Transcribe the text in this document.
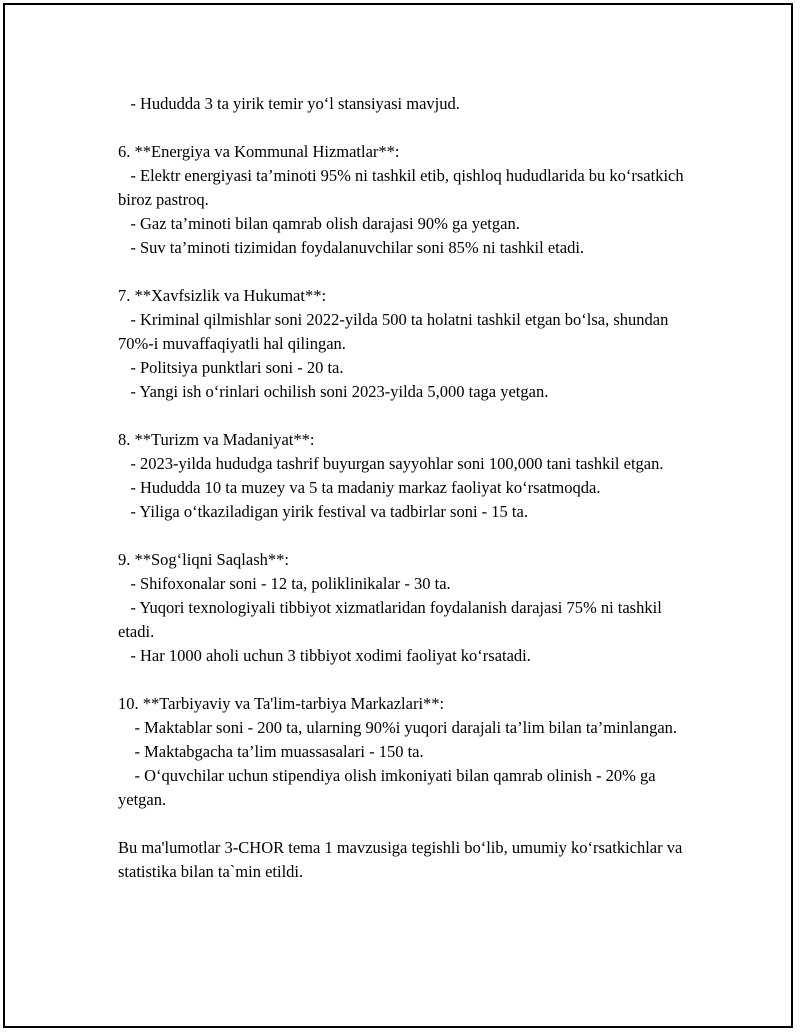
- Hududda 3 ta yirik temir yo‘l stansiyasi mavjud.

6. **Energiya va Kommunal Hizmatlar**:

- Elektr energiyasi ta’minoti 95% ni tashkil etib, qishloq hududlarida bu ko‘rsatkich biroz pastroq.

- Gaz ta’minoti bilan qamrab olish darajasi 90% ga yetgan.

- Suv ta’minoti tizimidan foydalanuvchilar soni 85% ni tashkil etadi.

7. **Xavfsizlik va Hukumat**:

- Kriminal qilmishlar soni 2022-yilda 500 ta holatni tashkil etgan bo‘lsa, shundan 70%-i muvaffaqiyatli hal qilingan.

- Politsiya punktlari soni - 20 ta.

- Yangi ish o‘rinlari ochilish soni 2023-yilda 5,000 taga yetgan.

8. **Turizm va Madaniyat**:

- 2023-yilda hududga tashrif buyurgan sayyohlar soni 100,000 tani tashkil etgan.

- Hududda 10 ta muzey va 5 ta madaniy markaz faoliyat ko‘rsatmoqda.

- Yiliga o‘tkaziladigan yirik festival va tadbirlar soni - 15 ta.

9. **Sog‘liqni Saqlash**:

- Shifoxonalar soni - 12 ta, poliklinikalar - 30 ta.

- Yuqori texnologiyali tibbiyot xizmatlaridan foydalanish darajasi 75% ni tashkil etadi.

- Har 1000 aholi uchun 3 tibbiyot xodimi faoliyat ko‘rsatadi.

10. **Tarbiyaviy va Ta'lim-tarbiya Markazlari**:

- Maktablar soni - 200 ta, ularning 90%i yuqori darajali ta’lim bilan ta’minlangan.

- Maktabgacha ta’lim muassasalari - 150 ta.

- O‘quvchilar uchun stipendiya olish imkoniyati bilan qamrab olinish - 20% ga yetgan.

Bu ma'lumotlar 3-CHOR tema 1 mavzusiga tegishli bo‘lib, umumiy ko‘rsatkichlar va statistika bilan ta`min etildi.
